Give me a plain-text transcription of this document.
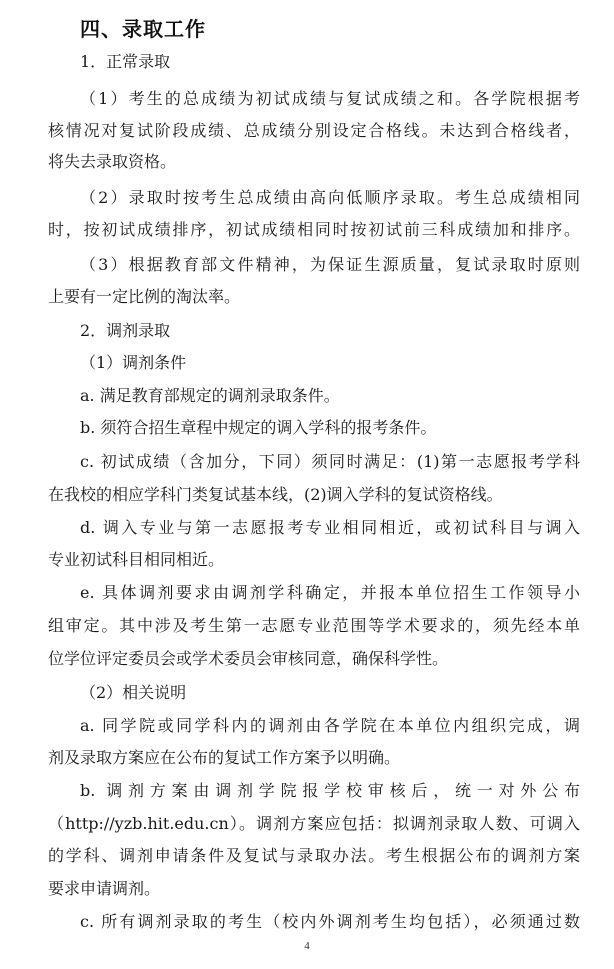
四、录取工作
1．正常录取
（1）考生的总成绩为初试成绩与复试成绩之和。各学院根据考
核情况对复试阶段成绩、总成绩分别设定合格线。未达到合格线者，
将失去录取资格。
（2）录取时按考生总成绩由高向低顺序录取。考生总成绩相同
时，按初试成绩排序，初试成绩相同时按初试前三科成绩加和排序。
（3）根据教育部文件精神，为保证生源质量，复试录取时原则
上要有一定比例的淘汰率。
2．调剂录取
（1）调剂条件
a. 满足教育部规定的调剂录取条件。
b. 须符合招生章程中规定的调入学科的报考条件。
c. 初试成绩（含加分，下同）须同时满足：(1)第一志愿报考学科
在我校的相应学科门类复试基本线，(2)调入学科的复试资格线。
d. 调入专业与第一志愿报考专业相同相近，或初试科目与调入
专业初试科目相同相近。
e. 具体调剂要求由调剂学科确定，并报本单位招生工作领导小
组审定。其中涉及考生第一志愿专业范围等学术要求的，须先经本单
位学位评定委员会或学术委员会审核同意，确保科学性。
（2）相关说明
a. 同学院或同学科内的调剂由各学院在本单位内组织完成，调
剂及录取方案应在公布的复试工作方案予以明确。
b. 调剂方案由调剂学院报学校审核后，统一对外公布
（http://yzb.hit.edu.cn）。调剂方案应包括：拟调剂录取人数、可调入
的学科、调剂申请条件及复试与录取办法。考生根据公布的调剂方案
要求申请调剂。
c. 所有调剂录取的考生（校内外调剂考生均包括），必须通过数
4
